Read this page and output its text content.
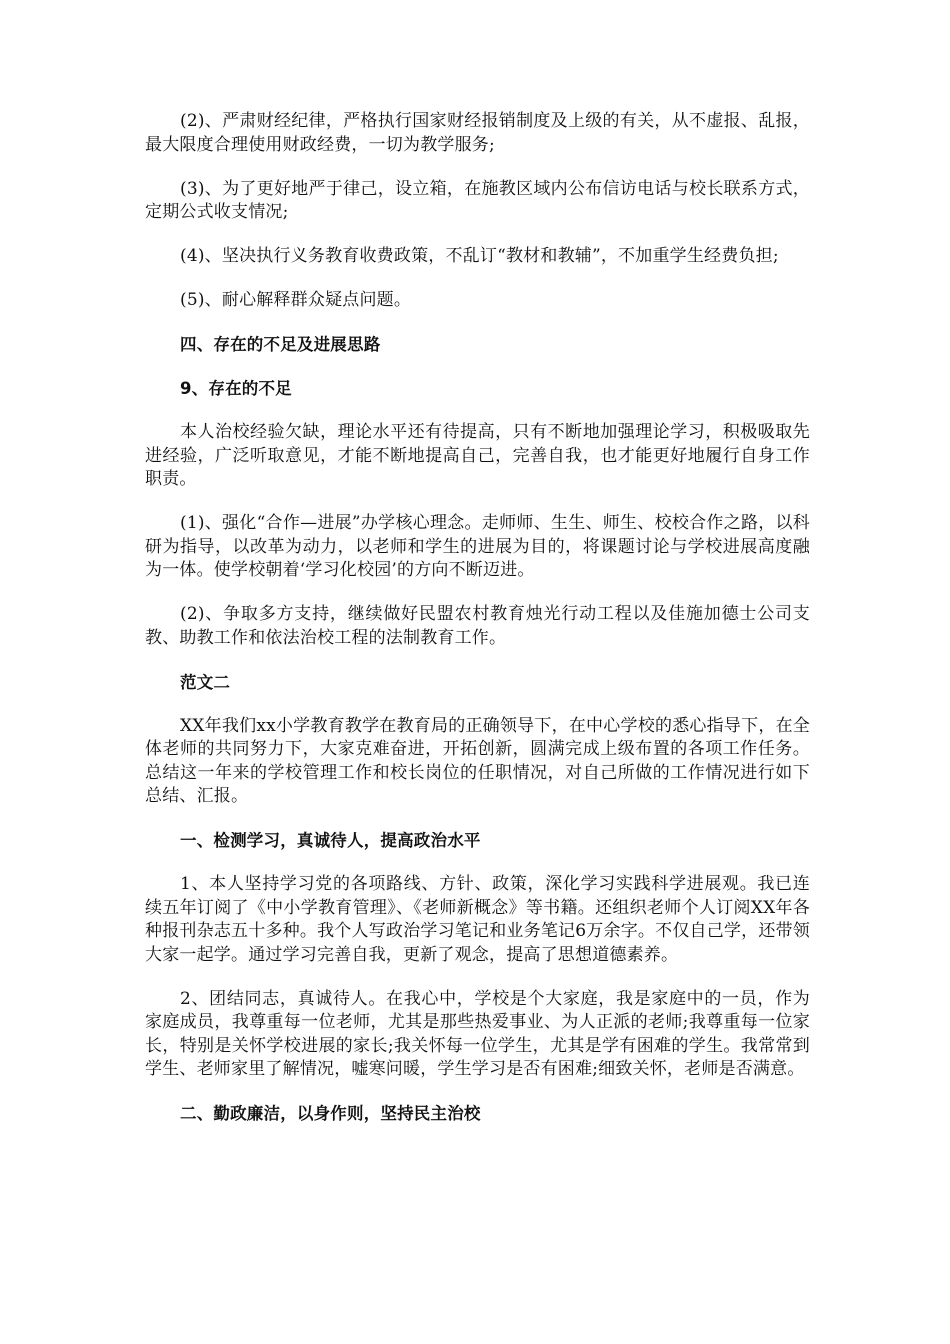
(2)、严肃财经纪律，严格执行国家财经报销制度及上级的有关，从不虚报、乱报，最大限度合理使用财政经费，一切为教学服务;

(3)、为了更好地严于律己，设立箱，在施教区域内公布信访电话与校长联系方式，定期公式收支情况;

(4)、坚决执行义务教育收费政策，不乱订“教材和教辅”，不加重学生经费负担;

(5)、耐心解释群众疑点问题。

四、存在的不足及进展思路

9、存在的不足

本人治校经验欠缺，理论水平还有待提高，只有不断地加强理论学习，积极吸取先进经验，广泛听取意见，才能不断地提高自己，完善自我，也才能更好地履行自身工作职责。

(1)、强化“合作—进展”办学核心理念。走师师、生生、师生、校校合作之路，以科研为指导，以改革为动力，以老师和学生的进展为目的，将课题讨论与学校进展高度融为一体。使学校朝着‘学习化校园’的方向不断迈进。

(2)、争取多方支持，继续做好民盟农村教育烛光行动工程以及佳施加德士公司支教、助教工作和依法治校工程的法制教育工作。

范文二

XX年我们xx小学教育教学在教育局的正确领导下，在中心学校的悉心指导下，在全体老师的共同努力下，大家克难奋进，开拓创新，圆满完成上级布置的各项工作任务。总结这一年来的学校管理工作和校长岗位的任职情况，对自己所做的工作情况进行如下总结、汇报。

一、检测学习，真诚待人，提高政治水平

1、本人坚持学习党的各项路线、方针、政策，深化学习实践科学进展观。我已连续五年订阅了《中小学教育管理》、《老师新概念》等书籍。还组织老师个人订阅XX年各种报刊杂志五十多种。我个人写政治学习笔记和业务笔记6万余字。不仅自己学，还带领大家一起学。通过学习完善自我，更新了观念，提高了思想道德素养。

2、团结同志，真诚待人。在我心中，学校是个大家庭，我是家庭中的一员，作为家庭成员，我尊重每一位老师，尤其是那些热爱事业、为人正派的老师;我尊重每一位家长，特别是关怀学校进展的家长;我关怀每一位学生，尤其是学有困难的学生。我常常到学生、老师家里了解情况，嘘寒问暖，学生学习是否有困难;细致关怀，老师是否满意。

二、勤政廉洁，以身作则，坚持民主治校
